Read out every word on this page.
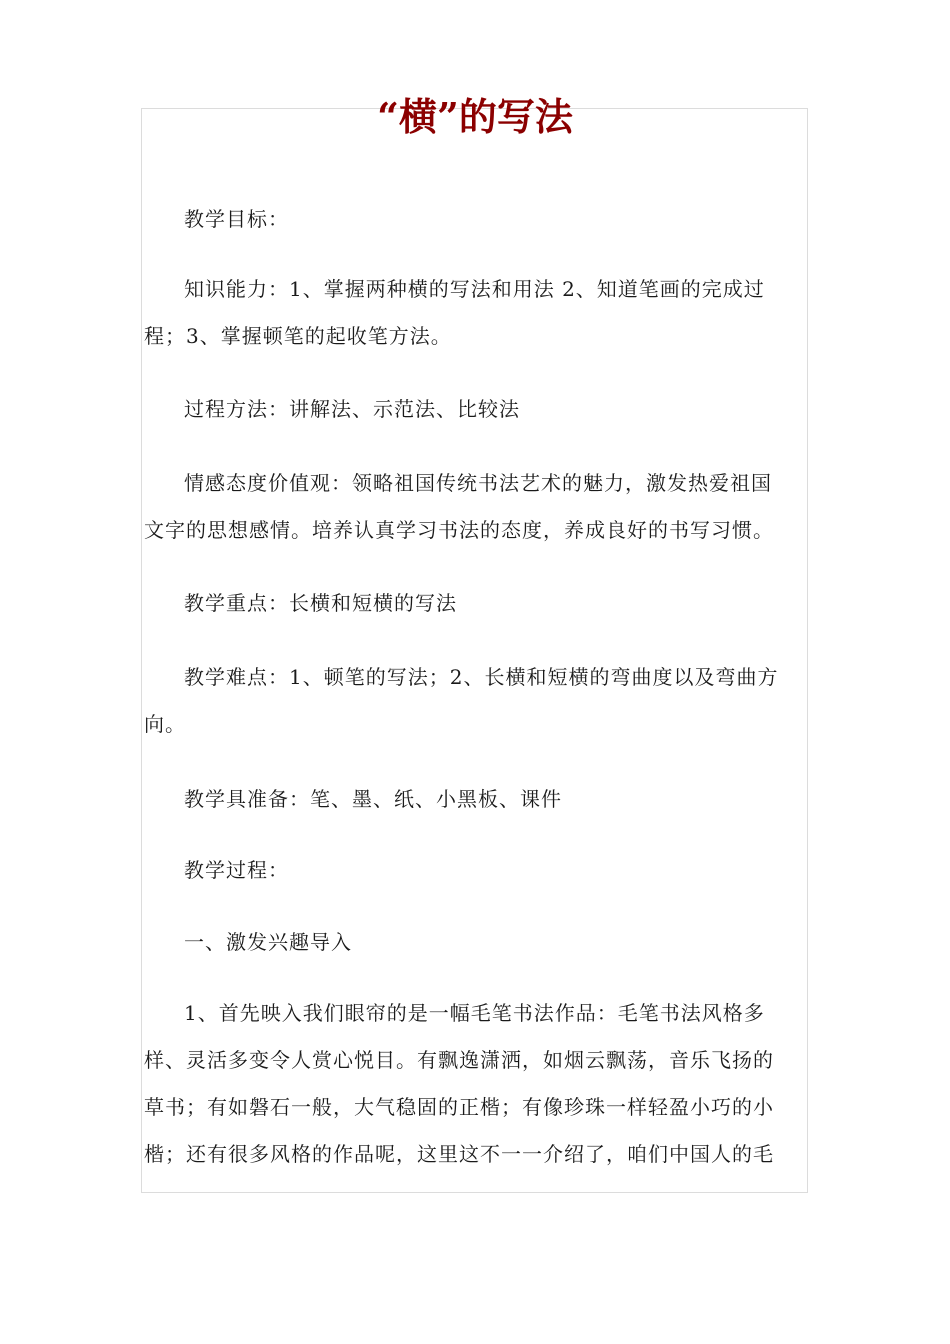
“横”的写法

教学目标：

知识能力：1、掌握两种横的写法和用法 2、知道笔画的完成过
程；3、掌握顿笔的起收笔方法。

过程方法：讲解法、示范法、比较法

情感态度价值观：领略祖国传统书法艺术的魅力，激发热爱祖国
文字的思想感情。培养认真学习书法的态度，养成良好的书写习惯。

教学重点：长横和短横的写法

教学难点：1、顿笔的写法；2、长横和短横的弯曲度以及弯曲方
向。

教学具准备：笔、墨、纸、小黑板、课件

教学过程：

一、激发兴趣导入

1、首先映入我们眼帘的是一幅毛笔书法作品：毛笔书法风格多
样、灵活多变令人赏心悦目。有飘逸潇洒，如烟云飘荡，音乐飞扬的
草书；有如磐石一般，大气稳固的正楷；有像珍珠一样轻盈小巧的小
楷；还有很多风格的作品呢，这里这不一一介绍了，咱们中国人的毛
